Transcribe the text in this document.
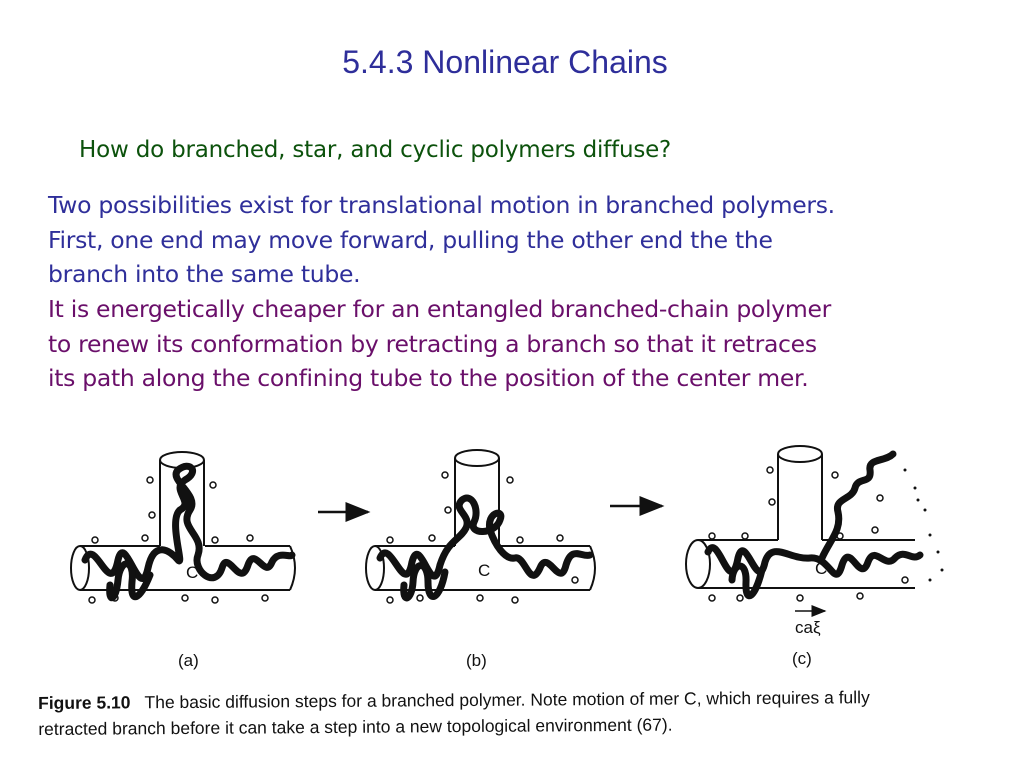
5.4.3 Nonlinear Chains
How do branched, star, and cyclic polymers diffuse?
Two possibilities exist for translational motion in branched polymers.
First, one end may move forward, pulling the other end the the
branch into the same tube.
It is energetically cheaper for an entangled branched-chain polymer
to renew its conformation by retracting a branch so that it retraces
its path along the confining tube to the position of the center mer.
C
(a)
C
(b)
C
caξ
(c)
Figure 5.10 The basic diffusion steps for a branched polymer. Note motion of mer C, which requires a fully
retracted branch before it can take a step into a new topological environment (67).
